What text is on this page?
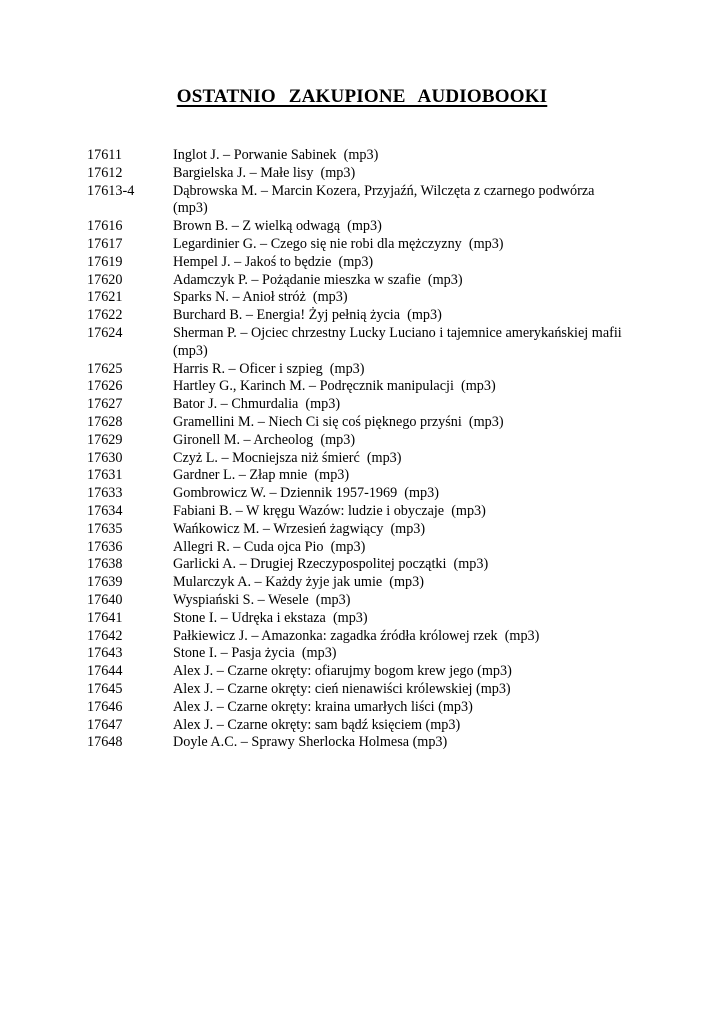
OSTATNIO ZAKUPIONE AUDIOBOOKI
17611	Inglot J. – Porwanie Sabinek  (mp3)
17612	Bargielska J. – Małe lisy  (mp3)
17613-4	Dąbrowska M. – Marcin Kozera, Przyjaźń, Wilczęta z czarnego podwórza
(mp3)
17616	Brown B. – Z wielką odwagą  (mp3)
17617	Legardinier G. – Czego się nie robi dla mężczyzny  (mp3)
17619	Hempel J. – Jakoś to będzie  (mp3)
17620	Adamczyk P. – Pożądanie mieszka w szafie  (mp3)
17621	Sparks N. – Anioł stróż  (mp3)
17622	Burchard B. – Energia! Żyj pełnią życia  (mp3)
17624	Sherman P. – Ojciec chrzestny Lucky Luciano i tajemnice amerykańskiej mafii
(mp3)
17625	Harris R. – Oficer i szpieg  (mp3)
17626	Hartley G., Karinch M. – Podręcznik manipulacji  (mp3)
17627	Bator J. – Chmurdalia  (mp3)
17628	Gramellini M. – Niech Ci się coś pięknego przyśni  (mp3)
17629	Gironell M. – Archeolog  (mp3)
17630	Czyż L. – Mocniejsza niż śmierć  (mp3)
17631	Gardner L. – Złap mnie  (mp3)
17633	Gombrowicz W. – Dziennik 1957-1969  (mp3)
17634	Fabiani B. – W kręgu Wazów: ludzie i obyczaje  (mp3)
17635	Wańkowicz M. – Wrzesień żagwiący  (mp3)
17636	Allegri R. – Cuda ojca Pio  (mp3)
17638	Garlicki A. – Drugiej Rzeczypospolitej początki  (mp3)
17639	Mularczyk A. – Każdy żyje jak umie  (mp3)
17640	Wyspiański S. – Wesele  (mp3)
17641	Stone I. – Udręka i ekstaza  (mp3)
17642	Pałkiewicz J. – Amazonka: zagadka źródła królowej rzek  (mp3)
17643	Stone I. – Pasja życia  (mp3)
17644	Alex J. – Czarne okręty: ofiarujmy bogom krew jego (mp3)
17645	Alex J. – Czarne okręty: cień nienawiści królewskiej (mp3)
17646	Alex J. – Czarne okręty: kraina umarłych liści (mp3)
17647	Alex J. – Czarne okręty: sam bądź księciem (mp3)
17648	Doyle A.C. – Sprawy Sherlocka Holmesa (mp3)
